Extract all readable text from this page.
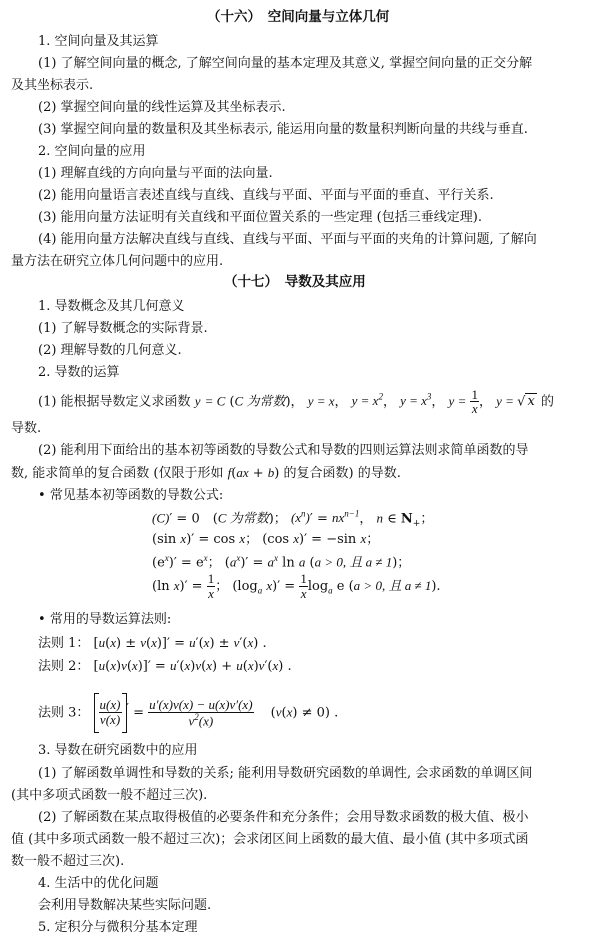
（十六）　空间向量与立体几何
1. 空间向量及其运算
(1) 了解空间向量的概念, 了解空间向量的基本定理及其意义, 掌握空间向量的正交分解
及其坐标表示.
(2) 掌握空间向量的线性运算及其坐标表示.
(3) 掌握空间向量的数量积及其坐标表示, 能运用向量的数量积判断向量的共线与垂直.
2. 空间向量的应用
(1) 理解直线的方向向量与平面的法向量.
(2) 能用向量语言表述直线与直线、直线与平面、平面与平面的垂直、平行关系.
(3) 能用向量方法证明有关直线和平面位置关系的一些定理 (包括三垂线定理).
(4) 能用向量方法解决直线与直线、直线与平面、平面与平面的夹角的计算问题, 了解向
量方法在研究立体几何问题中的应用.
（十七）　导数及其应用
1. 导数概念及其几何意义
(1) 了解导数概念的实际背景.
(2) 理解导数的几何意义.
2. 导数的运算
(1) 能根据导数定义求函数 y = C (C 为常数)， y = x， $y = x^2$， $y = x^3$， $y = \frac{1}{x}$ ， y = √ x 的
导数.
(2) 能利用下面给出的基本初等函数的导数公式和导数的四则运算法则求简单函数的导
数, 能求简单的复合函数 (仅限于形如 f(ax + b) 的复合函数) 的导数.
• 常见基本初等函数的导数公式:
(C)′ = 0　(C 为常数)； $(x^n)' = nx^{n-1}$， n ∈ $N_+$；
(sin x)′ = cos x； (cos x)′ = −sin x；
$(e^x)' = e^x$； $(a^x)' = a^x$ ln a (a > 0, 且 a ≠ 1)；
(ln $x)' = \frac{1}{x}$ ； ($\log_a$ $x)' = \frac{1}{x} \log_a e$ (a > 0, 且 a ≠ 1).
• 常用的导数运算法则:
法则 1： [u(x) ± v(x)]′ = u′(x) ± v′(x) .
法则 2： [u(x)v(x)]′ = u′(x)v(x) + u(x)v′(x) .
法则 3： $\frac{u(x)}{v(x)} ' = \frac{u'(x)v(x) - u(x)v'(x)}{v^2(x)}$ 　(v(x) ≠ 0) .
3. 导数在研究函数中的应用
(1) 了解函数单调性和导数的关系; 能利用导数研究函数的单调性, 会求函数的单调区间
(其中多项式函数一般不超过三次).
(2) 了解函数在某点取得极值的必要条件和充分条件；会用导数求函数的极大值、极小
值 (其中多项式函数一般不超过三次)；会求闭区间上函数的最大值、最小值 (其中多项式函
数一般不超过三次).
4. 生活中的优化问题
会利用导数解决某些实际问题.
5. 定积分与微积分基本定理
